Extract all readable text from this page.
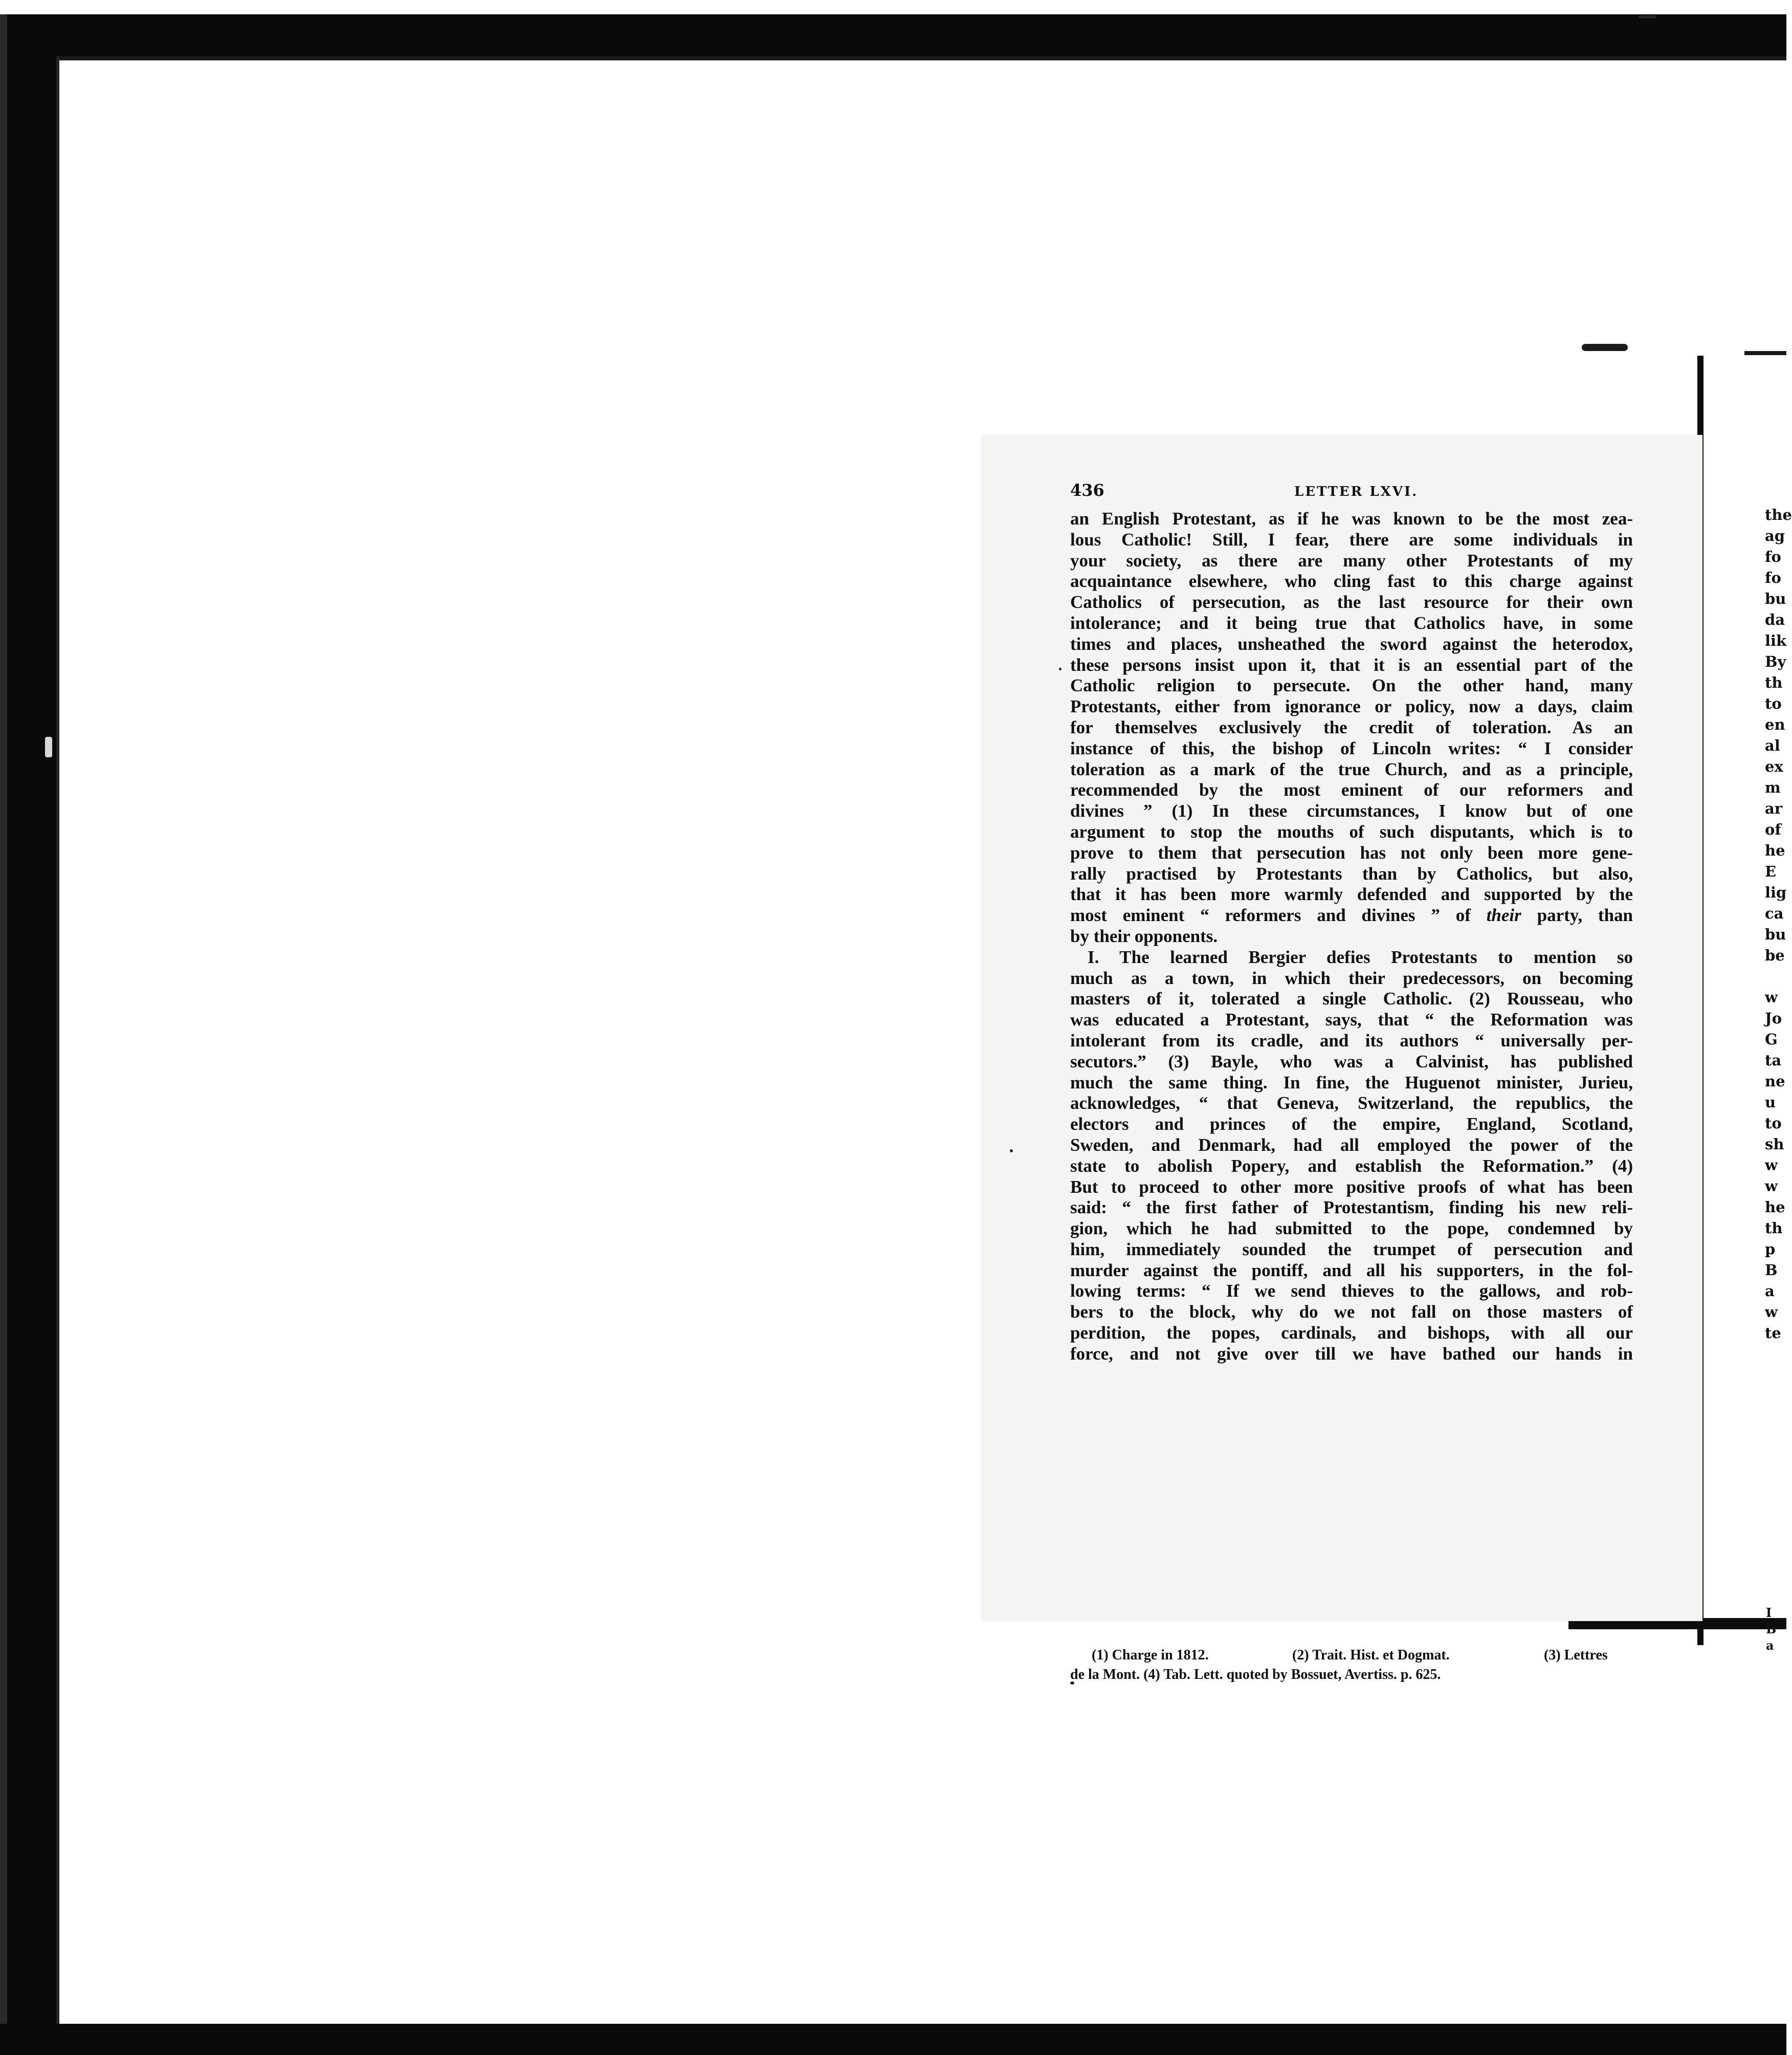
436	LETTER LXVI.
an English Protestant, as if he was known to be the most zea-
lous Catholic! Still, I fear, there are some individuals in
your society, as there are many other Protestants of my
acquaintance elsewhere, who cling fast to this charge against
Catholics of persecution, as the last resource for their own
intolerance; and it being true that Catholics have, in some
times and places, unsheathed the sword against the heterodox,
these persons insist upon it, that it is an essential part of the
Catholic religion to persecute. On the other hand, many
Protestants, either from ignorance or policy, now a days, claim
for themselves exclusively the credit of toleration. As an
instance of this, the bishop of Lincoln writes: “ I consider
toleration as a mark of the true Church, and as a principle,
recommended by the most eminent of our reformers and
divines ” (1) In these circumstances, I know but of one
argument to stop the mouths of such disputants, which is to
prove to them that persecution has not only been more gene-
rally practised by Protestants than by Catholics, but also,
that it has been more warmly defended and supported by the
most eminent “ reformers and divines ” of their party, than
by their opponents.
I. The learned Bergier defies Protestants to mention so
much as a town, in which their predecessors, on becoming
masters of it, tolerated a single Catholic. (2) Rousseau, who
was educated a Protestant, says, that “ the Reformation was
intolerant from its cradle, and its authors “ universally per-
secutors.” (3) Bayle, who was a Calvinist, has published
much the same thing. In fine, the Huguenot minister, Jurieu,
acknowledges, “ that Geneva, Switzerland, the republics, the
electors and princes of the empire, England, Scotland,
Sweden, and Denmark, had all employed the power of the
state to abolish Popery, and establish the Reformation.” (4)
But to proceed to other more positive proofs of what has been
said: “ the first father of Protestantism, finding his new reli-
gion, which he had submitted to the pope, condemned by
him, immediately sounded the trumpet of persecution and
murder against the pontiff, and all his supporters, in the fol-
lowing terms: “ If we send thieves to the gallows, and rob-
bers to the block, why do we not fall on those masters of
perdition, the popes, cardinals, and bishops, with all our
force, and not give over till we have bathed our hands in
(1) Charge in 1812.	(2) Trait. Hist. et Dogmat.	(3) Lettres
de la Mont. (4) Tab. Lett. quoted by Bossuet, Avertiss. p. 625.
the
ag
fo
fo
bu
da
lik
By
th
to
en
al
ex
m
ar
of
he
E
lig
ca
bu
be
w
Jo
G
ta
ne
u
to
sh
w
w
he
th
p
B
a
w
te
I
B
a
